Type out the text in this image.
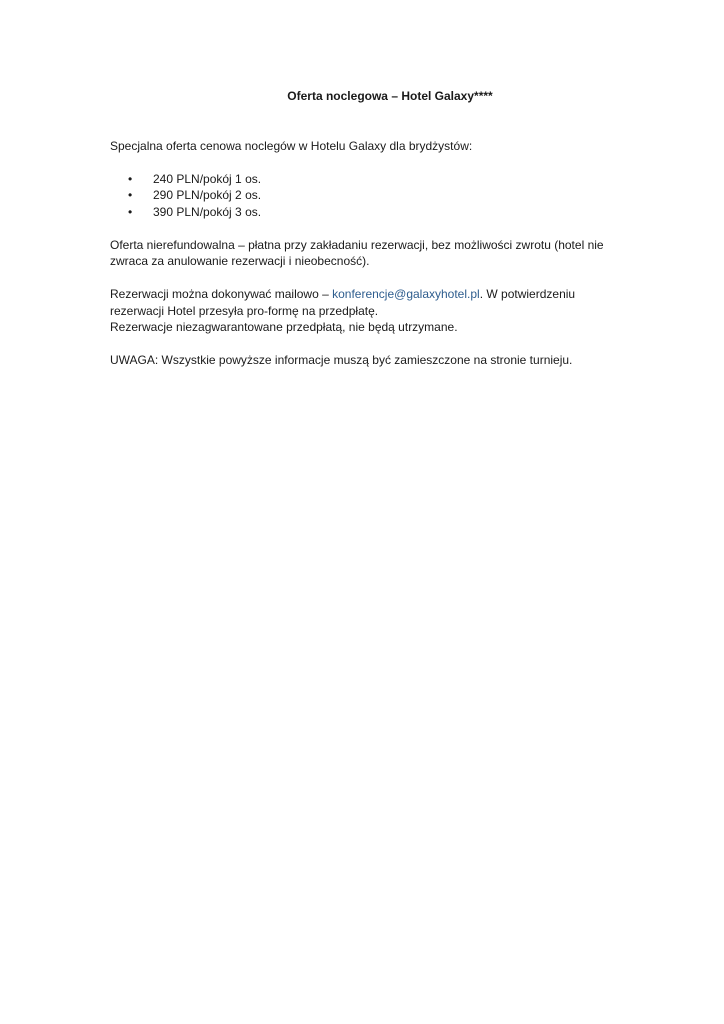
Oferta noclegowa – Hotel Galaxy****

Specjalna oferta cenowa noclegów w Hotelu Galaxy dla brydżystów:

• 240 PLN/pokój 1 os.
• 290 PLN/pokój 2 os.
• 390 PLN/pokój 3 os.

Oferta nierefundowalna – płatna przy zakładaniu rezerwacji, bez możliwości zwrotu (hotel nie zwraca za anulowanie rezerwacji i nieobecność).

Rezerwacji można dokonywać mailowo – konferencje@galaxyhotel.pl. W potwierdzeniu rezerwacji Hotel przesyła pro-formę na przedpłatę.

Rezerwacje niezagwarantowane przedpłatą, nie będą utrzymane.

UWAGA: Wszystkie powyższe informacje muszą być zamieszczone na stronie turnieju.
